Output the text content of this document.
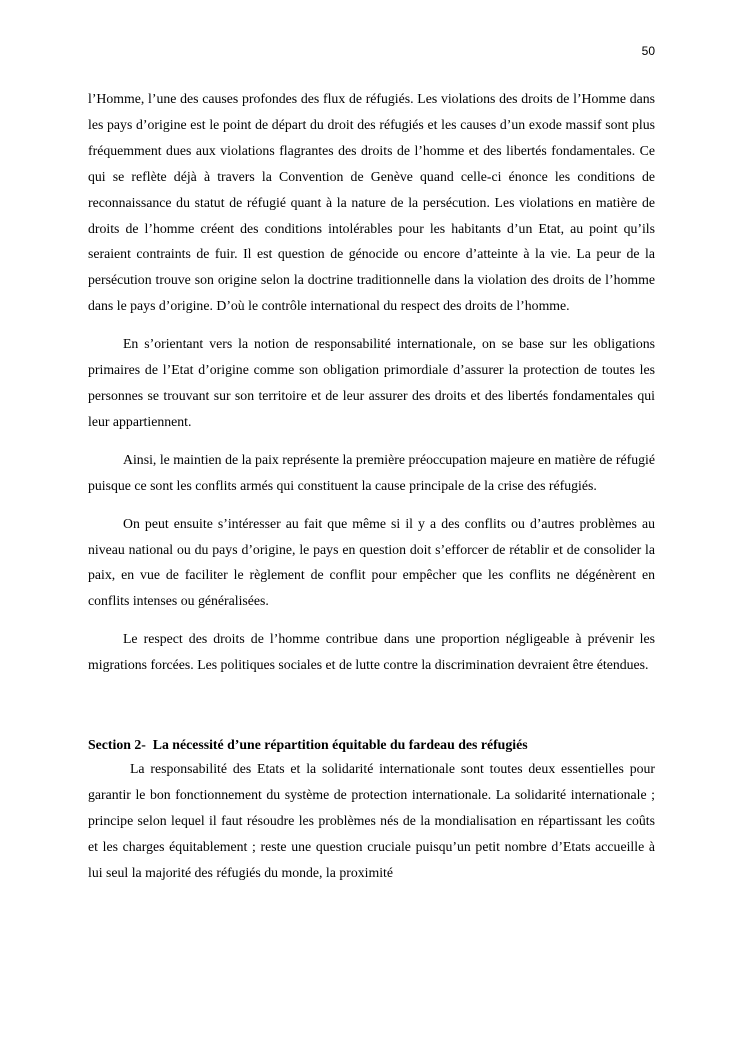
50

l’Homme, l’une des causes profondes des flux de réfugiés. Les violations des droits de l’Homme dans les pays d’origine est le point de départ du droit des réfugiés et les causes d’un exode massif sont plus fréquemment dues aux violations flagrantes des droits de l’homme et des libertés fondamentales. Ce qui se reflète déjà à travers la Convention de Genève quand celle-ci énonce les conditions de reconnaissance du statut de réfugié quant à la nature de la persécution. Les violations en matière de droits de l’homme créent des conditions intolérables pour les habitants d’un Etat, au point qu’ils seraient contraints de fuir. Il est question de génocide ou encore d’atteinte à la vie. La peur de la persécution trouve son origine selon la doctrine traditionnelle dans la violation des droits de l’homme dans le pays d’origine. D’où le contrôle international du respect des droits de l’homme.

En s’orientant vers la notion de responsabilité internationale, on se base sur les obligations primaires de l’Etat d’origine comme son obligation primordiale d’assurer la protection de toutes les personnes se trouvant sur son territoire et de leur assurer des droits et des libertés fondamentales qui leur appartiennent.

Ainsi, le maintien de la paix représente la première préoccupation majeure en matière de réfugié puisque ce sont les conflits armés qui constituent la cause principale de la crise des réfugiés.

On peut ensuite s’intéresser au fait que même si il y a des conflits ou d’autres problèmes au niveau national ou du pays d’origine, le pays en question doit s’efforcer de rétablir et de consolider la paix, en vue de faciliter le règlement de conflit pour empêcher que les conflits ne dégénèrent en conflits intenses ou généralisées.

Le respect des droits de l’homme contribue dans une proportion négligeable à prévenir les migrations forcées. Les politiques sociales et de lutte contre la discrimination devraient être étendues.

Section 2-  La nécessité d’une répartition équitable du fardeau des réfugiés

La responsabilité des Etats et la solidarité internationale sont toutes deux essentielles pour garantir le bon fonctionnement du système de protection internationale. La solidarité internationale ; principe selon lequel il faut résoudre les problèmes nés de la mondialisation en répartissant les coûts et les charges équitablement ; reste une question cruciale puisqu’un petit nombre d’Etats accueille à lui seul la majorité des réfugiés du monde, la proximité
